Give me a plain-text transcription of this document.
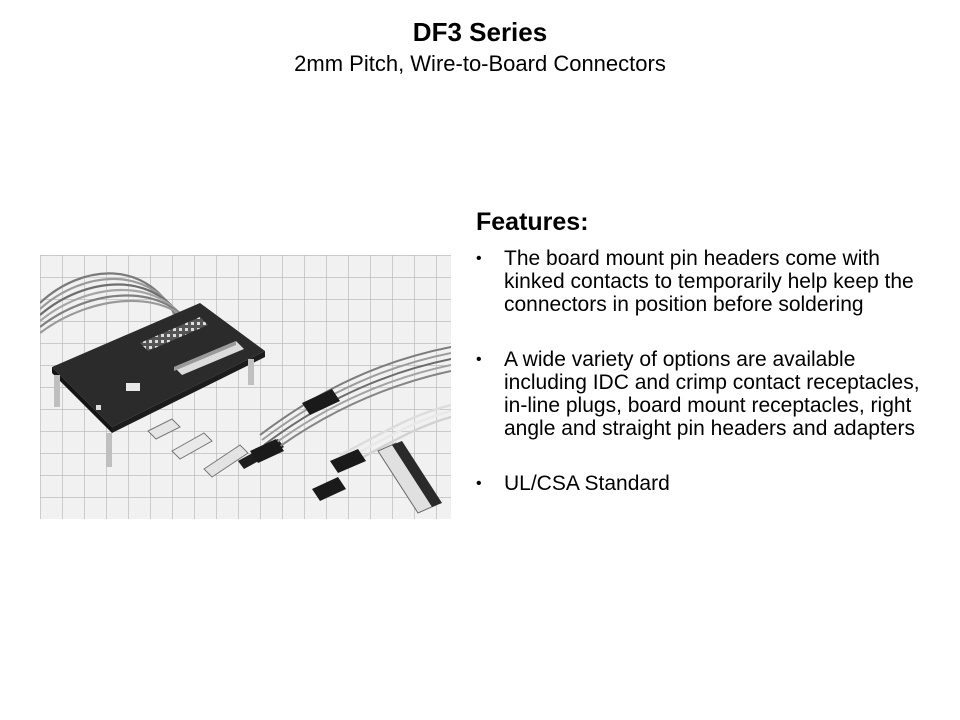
DF3 Series
2mm Pitch, Wire-to-Board Connectors
Features:
•	The board mount pin headers come with kinked contacts to temporarily help keep the connectors in position before soldering
•	A wide variety of options are available including IDC and crimp contact receptacles, in-line plugs, board mount receptacles, right angle and straight pin headers and adapters
•	UL/CSA Standard
